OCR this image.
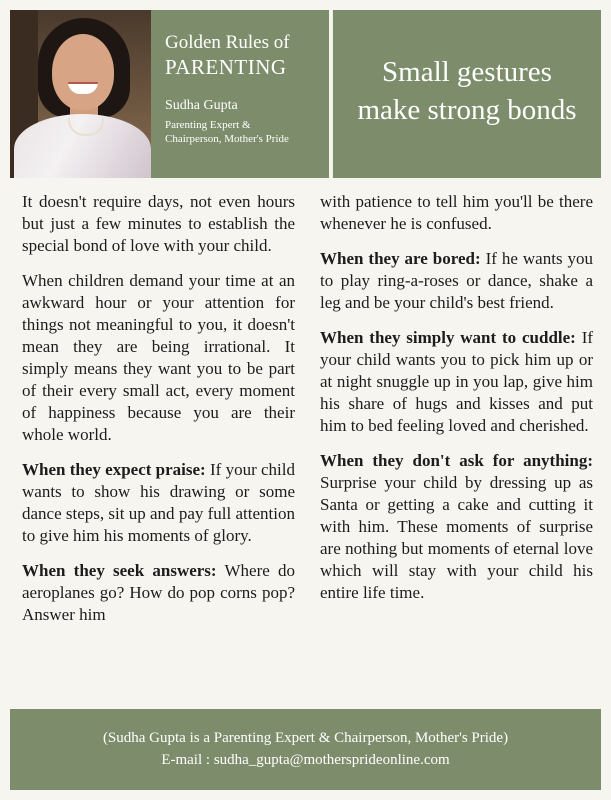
Golden Rules of
PARENTING
Sudha Gupta
Parenting Expert &
Chairperson, Mother's Pride
Small gestures make strong bonds

It doesn't require days, not even hours but just a few minutes to establish the special bond of love with your child.

When children demand your time at an awkward hour or your attention for things not meaningful to you, it doesn't mean they are being irrational. It simply means they want you to be part of their every small act, every moment of happiness because you are their whole world.

When they expect praise: If your child wants to show his drawing or some dance steps, sit up and pay full attention to give him his moments of glory.

When they seek answers: Where do aeroplanes go? How do pop corns pop? Answer him

with patience to tell him you'll be there whenever he is confused.

When they are bored: If he wants you to play ring-a-roses or dance, shake a leg and be your child's best friend.

When they simply want to cuddle: If your child wants you to pick him up or at night snuggle up in you lap, give him his share of hugs and kisses and put him to bed feeling loved and cherished.

When they don't ask for anything: Surprise your child by dressing up as Santa or getting a cake and cutting it with him. These moments of surprise are nothing but moments of eternal love which will stay with your child his entire life time.

(Sudha Gupta is a Parenting Expert & Chairperson, Mother's Pride)
E-mail : sudha_gupta@mothersprideonline.com
